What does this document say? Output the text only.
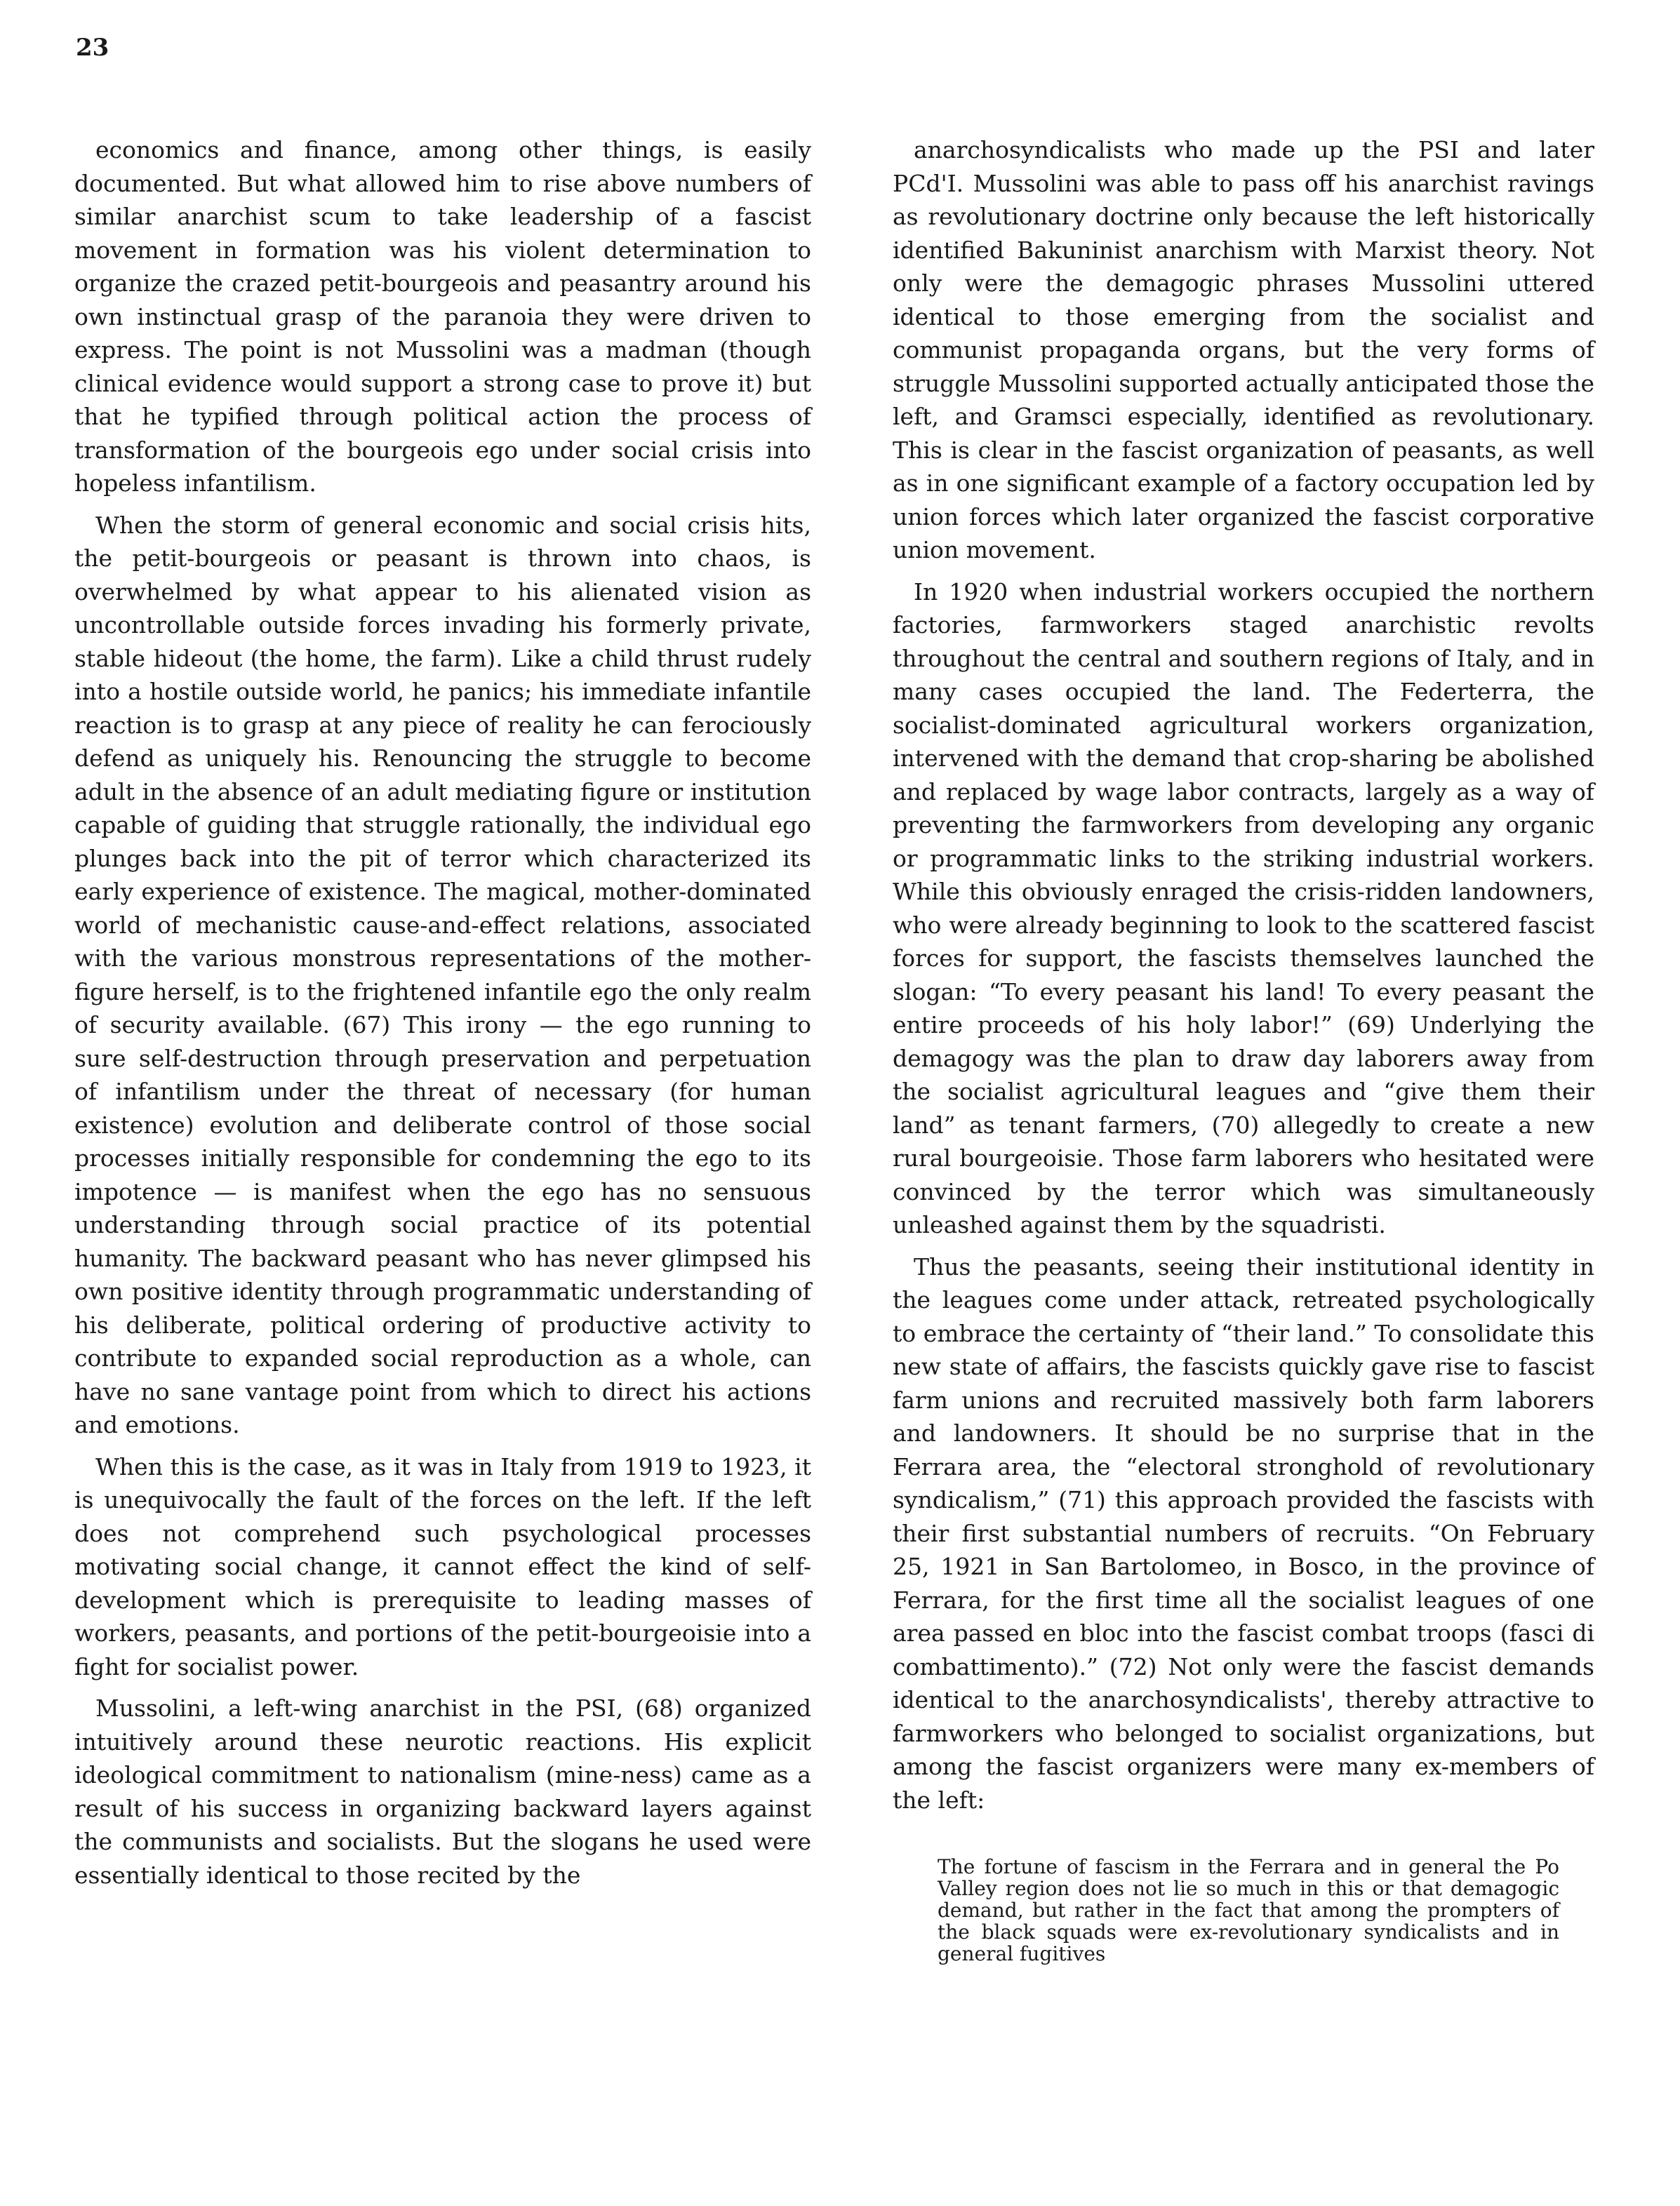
23

economics and finance, among other things, is easily documented. But what allowed him to rise above numbers of similar anarchist scum to take leadership of a fascist movement in formation was his violent determination to organize the crazed petit-bourgeois and peasantry around his own instinctual grasp of the paranoia they were driven to express. The point is not Mussolini was a madman (though clinical evidence would support a strong case to prove it) but that he typified through political action the process of transformation of the bourgeois ego under social crisis into hopeless infantilism.

When the storm of general economic and social crisis hits, the petit-bourgeois or peasant is thrown into chaos, is overwhelmed by what appear to his alienated vision as uncontrollable outside forces invading his formerly private, stable hideout (the home, the farm). Like a child thrust rudely into a hostile outside world, he panics; his immediate infantile reaction is to grasp at any piece of reality he can ferociously defend as uniquely his. Renouncing the struggle to become adult in the absence of an adult mediating figure or institution capable of guiding that struggle rationally, the individual ego plunges back into the pit of terror which characterized its early experience of existence. The magical, mother-dominated world of mechanistic cause-and-effect relations, associated with the various monstrous representations of the mother-figure herself, is to the frightened infantile ego the only realm of security available. (67) This irony — the ego running to sure self-destruction through preservation and perpetuation of infantilism under the threat of necessary (for human existence) evolution and deliberate control of those social processes initially responsible for condemning the ego to its impotence — is manifest when the ego has no sensuous understanding through social practice of its potential humanity. The backward peasant who has never glimpsed his own positive identity through programmatic understanding of his deliberate, political ordering of productive activity to contribute to expanded social reproduction as a whole, can have no sane vantage point from which to direct his actions and emotions.

When this is the case, as it was in Italy from 1919 to 1923, it is unequivocally the fault of the forces on the left. If the left does not comprehend such psychological processes motivating social change, it cannot effect the kind of self-development which is prerequisite to leading masses of workers, peasants, and portions of the petit-bourgeoisie into a fight for socialist power.

Mussolini, a left-wing anarchist in the PSI, (68) organized intuitively around these neurotic reactions. His explicit ideological commitment to nationalism (mine-ness) came as a result of his success in organizing backward layers against the communists and socialists. But the slogans he used were essentially identical to those recited by the

anarchosyndicalists who made up the PSI and later PCd'I. Mussolini was able to pass off his anarchist ravings as revolutionary doctrine only because the left historically identified Bakuninist anarchism with Marxist theory. Not only were the demagogic phrases Mussolini uttered identical to those emerging from the socialist and communist propaganda organs, but the very forms of struggle Mussolini supported actually anticipated those the left, and Gramsci especially, identified as revolutionary. This is clear in the fascist organization of peasants, as well as in one significant example of a factory occupation led by union forces which later organized the fascist corporative union movement.

In 1920 when industrial workers occupied the northern factories, farmworkers staged anarchistic revolts throughout the central and southern regions of Italy, and in many cases occupied the land. The Federterra, the socialist-dominated agricultural workers organization, intervened with the demand that crop-sharing be abolished and replaced by wage labor contracts, largely as a way of preventing the farmworkers from developing any organic or programmatic links to the striking industrial workers. While this obviously enraged the crisis-ridden landowners, who were already beginning to look to the scattered fascist forces for support, the fascists themselves launched the slogan: “To every peasant his land! To every peasant the entire proceeds of his holy labor!” (69) Underlying the demagogy was the plan to draw day laborers away from the socialist agricultural leagues and “give them their land” as tenant farmers, (70) allegedly to create a new rural bourgeoisie. Those farm laborers who hesitated were convinced by the terror which was simultaneously unleashed against them by the squadristi.

Thus the peasants, seeing their institutional identity in the leagues come under attack, retreated psychologically to embrace the certainty of “their land.” To consolidate this new state of affairs, the fascists quickly gave rise to fascist farm unions and recruited massively both farm laborers and landowners. It should be no surprise that in the Ferrara area, the “electoral stronghold of revolutionary syndicalism,” (71) this approach provided the fascists with their first substantial numbers of recruits. “On February 25, 1921 in San Bartolomeo, in Bosco, in the province of Ferrara, for the first time all the socialist leagues of one area passed en bloc into the fascist combat troops (fasci di combattimento).” (72) Not only were the fascist demands identical to the anarchosyndicalists', thereby attractive to farmworkers who belonged to socialist organizations, but among the fascist organizers were many ex-members of the left:

The fortune of fascism in the Ferrara and in general the Po Valley region does not lie so much in this or that demagogic demand, but rather in the fact that among the prompters of the black squads were ex-revolutionary syndicalists and in general fugitives
